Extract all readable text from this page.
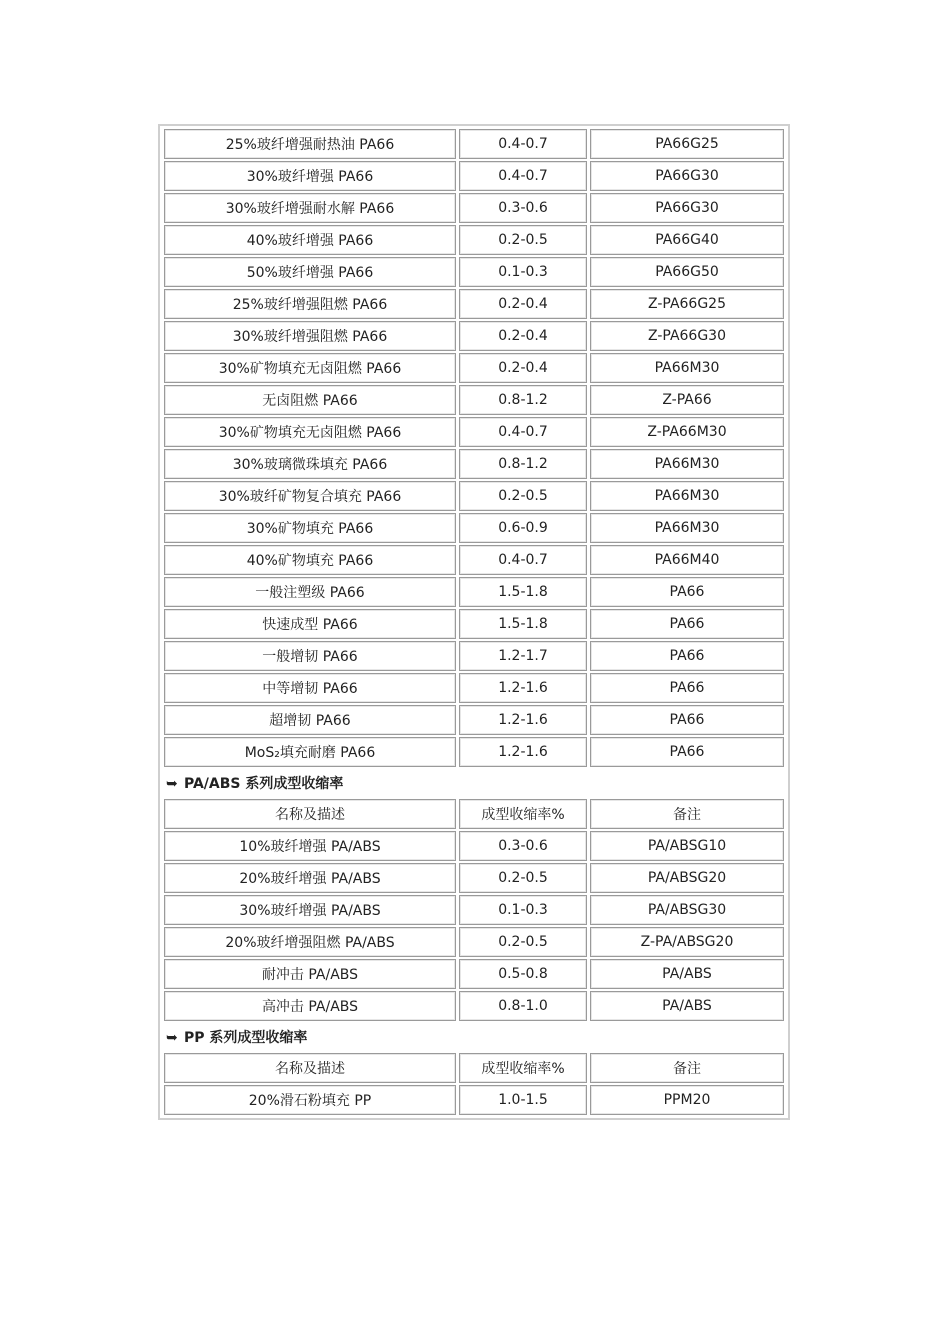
25%玻纤增强耐热油 PA66	0.4-0.7	PA66G25
30%玻纤增强 PA66	0.4-0.7	PA66G30
30%玻纤增强耐水解 PA66	0.3-0.6	PA66G30
40%玻纤增强 PA66	0.2-0.5	PA66G40
50%玻纤增强 PA66	0.1-0.3	PA66G50
25%玻纤增强阻燃 PA66	0.2-0.4	Z-PA66G25
30%玻纤增强阻燃 PA66	0.2-0.4	Z-PA66G30
30%矿物填充无卤阻燃 PA66	0.2-0.4	PA66M30
无卤阻燃 PA66	0.8-1.2	Z-PA66
30%矿物填充无卤阻燃 PA66	0.4-0.7	Z-PA66M30
30%玻璃微珠填充 PA66	0.8-1.2	PA66M30
30%玻纤矿物复合填充 PA66	0.2-0.5	PA66M30
30%矿物填充 PA66	0.6-0.9	PA66M30
40%矿物填充 PA66	0.4-0.7	PA66M40
一般注塑级 PA66	1.5-1.8	PA66
快速成型 PA66	1.5-1.8	PA66
一般增韧 PA66	1.2-1.7	PA66
中等增韧 PA66	1.2-1.6	PA66
超增韧 PA66	1.2-1.6	PA66
MoS₂填充耐磨 PA66	1.2-1.6	PA66
➥ PA/ABS 系列成型收缩率		
名称及描述	成型收缩率%	备注
10%玻纤增强 PA/ABS	0.3-0.6	PA/ABSG10
20%玻纤增强 PA/ABS	0.2-0.5	PA/ABSG20
30%玻纤增强 PA/ABS	0.1-0.3	PA/ABSG30
20%玻纤增强阻燃 PA/ABS	0.2-0.5	Z-PA/ABSG20
耐冲击 PA/ABS	0.5-0.8	PA/ABS
高冲击 PA/ABS	0.8-1.0	PA/ABS
➥ PP 系列成型收缩率		
名称及描述	成型收缩率%	备注
20%滑石粉填充 PP	1.0-1.5	PPM20
